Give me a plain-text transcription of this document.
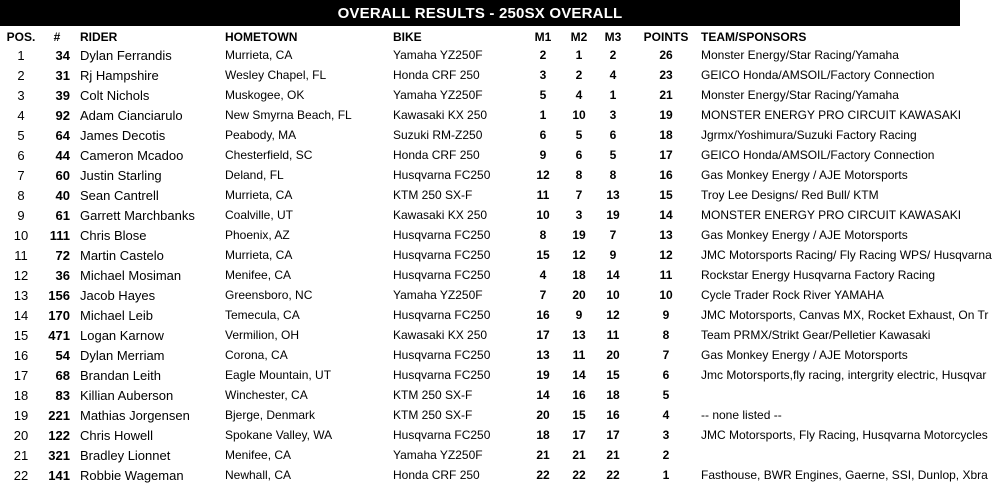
OVERALL RESULTS - 250SX OVERALL
POS.	#	RIDER	HOMETOWN	BIKE	M1	M2	M3	POINTS	TEAM/SPONSORS
1	34 Dylan Ferrandis	Murrieta, CA	Yamaha YZ250F	2	1	2	26	Monster Energy/Star Racing/Yamaha
2	31 Rj Hampshire	Wesley Chapel, FL	Honda CRF 250	3	2	4	23	GEICO Honda/AMSOIL/Factory Connection
3	39 Colt Nichols	Muskogee, OK	Yamaha YZ250F	5	4	1	21	Monster Energy/Star Racing/Yamaha
4	92 Adam Cianciarulo	New Smyrna Beach, FL	Kawasaki KX 250	1	10	3	19	MONSTER ENERGY PRO CIRCUIT KAWASAKI
5	64 James Decotis	Peabody, MA	Suzuki RM-Z250	6	5	6	18	Jgrmx/Yoshimura/Suzuki Factory Racing
6	44 Cameron Mcadoo	Chesterfield, SC	Honda CRF 250	9	6	5	17	GEICO Honda/AMSOIL/Factory Connection
7	60 Justin Starling	Deland, FL	Husqvarna FC250	12	8	8	16	Gas Monkey Energy / AJE Motorsports
8	40 Sean Cantrell	Murrieta, CA	KTM 250 SX-F	11	7	13	15	Troy Lee Designs/ Red Bull/ KTM
9	61 Garrett Marchbanks	Coalville, UT	Kawasaki KX 250	10	3	19	14	MONSTER ENERGY PRO CIRCUIT KAWASAKI
10	111 Chris Blose	Phoenix, AZ	Husqvarna FC250	8	19	7	13	Gas Monkey Energy / AJE Motorsports
11	72 Martin Castelo	Murrieta, CA	Husqvarna FC250	15	12	9	12	JMC Motorsports Racing/ Fly Racing WPS/ Husqvarna
12	36 Michael Mosiman	Menifee, CA	Husqvarna FC250	4	18	14	11	Rockstar Energy Husqvarna Factory Racing
13	156 Jacob Hayes	Greensboro, NC	Yamaha YZ250F	7	20	10	10	Cycle Trader Rock River YAMAHA
14	170 Michael Leib	Temecula, CA	Husqvarna FC250	16	9	12	9	JMC Motorsports, Canvas MX, Rocket Exhaust, On Tr
15	471 Logan Karnow	Vermilion, OH	Kawasaki KX 250	17	13	11	8	Team PRMX/Strikt Gear/Pelletier Kawasaki
16	54 Dylan Merriam	Corona, CA	Husqvarna FC250	13	11	20	7	Gas Monkey Energy / AJE Motorsports
17	68 Brandan Leith	Eagle Mountain, UT	Husqvarna FC250	19	14	15	6	Jmc Motorsports,fly racing, intergrity electric, Husqvar
18	83 Killian Auberson	Winchester, CA	KTM 250 SX-F	14	16	18	5
19	221 Mathias Jorgensen	Bjerge, Denmark	KTM 250 SX-F	20	15	16	4	-- none listed --
20	122 Chris Howell	Spokane Valley, WA	Husqvarna FC250	18	17	17	3	JMC Motorsports, Fly Racing, Husqvarna Motorcycles
21	321 Bradley Lionnet	Menifee, CA	Yamaha YZ250F	21	21	21	2
22	141 Robbie Wageman	Newhall, CA	Honda CRF 250	22	22	22	1	Fasthouse, BWR Engines, Gaerne, SSI, Dunlop, Xbra
